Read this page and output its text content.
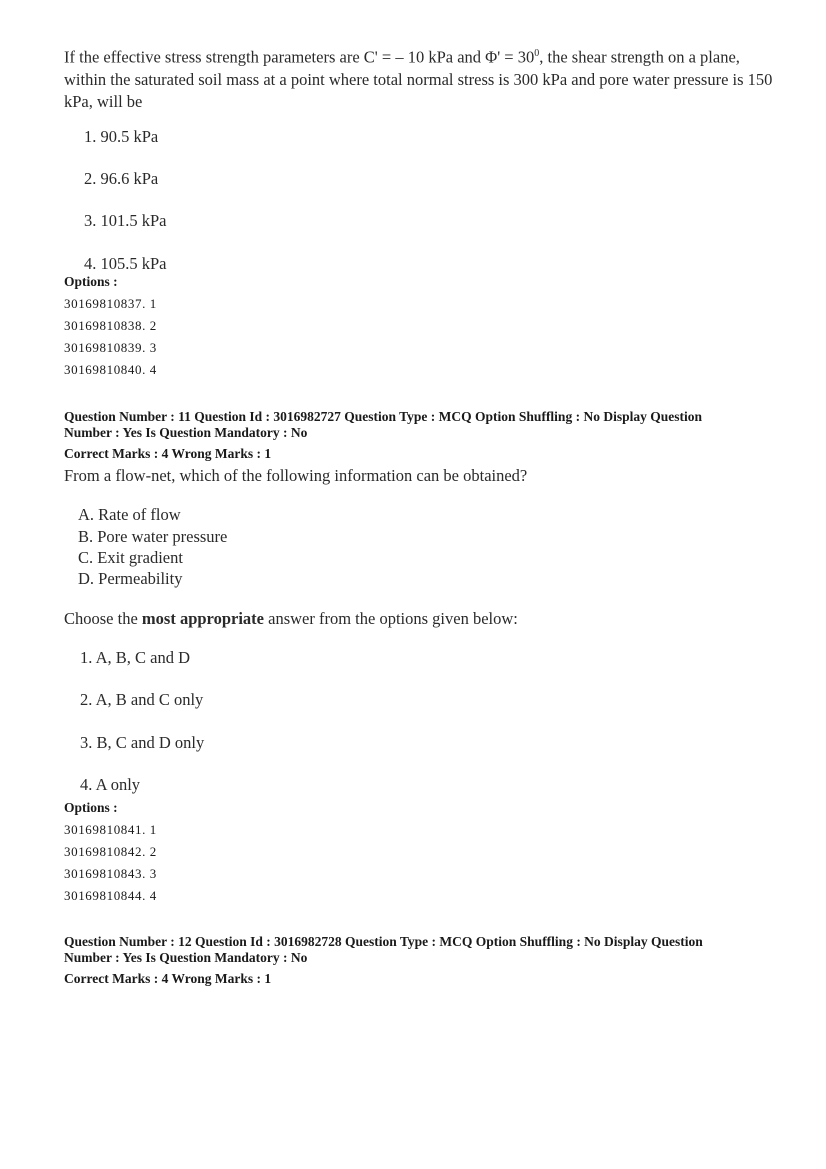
If the effective stress strength parameters are C' = – 10 kPa and $\Phi' = 30^0$, the shear strength on a plane, within the saturated soil mass at a point where total normal stress is 300 kPa and pore water pressure is 150 kPa, will be
1. 90.5 kPa
2. 96.6 kPa
3. 101.5 kPa
4. 105.5 kPa
Options :
30169810837. 1
30169810838. 2
30169810839. 3
30169810840. 4
Question Number : 11 Question Id : 3016982727 Question Type : MCQ Option Shuffling : No Display Question
Number : Yes Is Question Mandatory : No
Correct Marks : 4 Wrong Marks : 1
From a flow-net, which of the following information can be obtained?
A. Rate of flow
B. Pore water pressure
C. Exit gradient
D. Permeability
Choose the most appropriate answer from the options given below:
1. A, B, C and D
2. A, B and C only
3. B, C and D only
4. A only
Options :
30169810841. 1
30169810842. 2
30169810843. 3
30169810844. 4
Question Number : 12 Question Id : 3016982728 Question Type : MCQ Option Shuffling : No Display Question
Number : Yes Is Question Mandatory : No
Correct Marks : 4 Wrong Marks : 1
